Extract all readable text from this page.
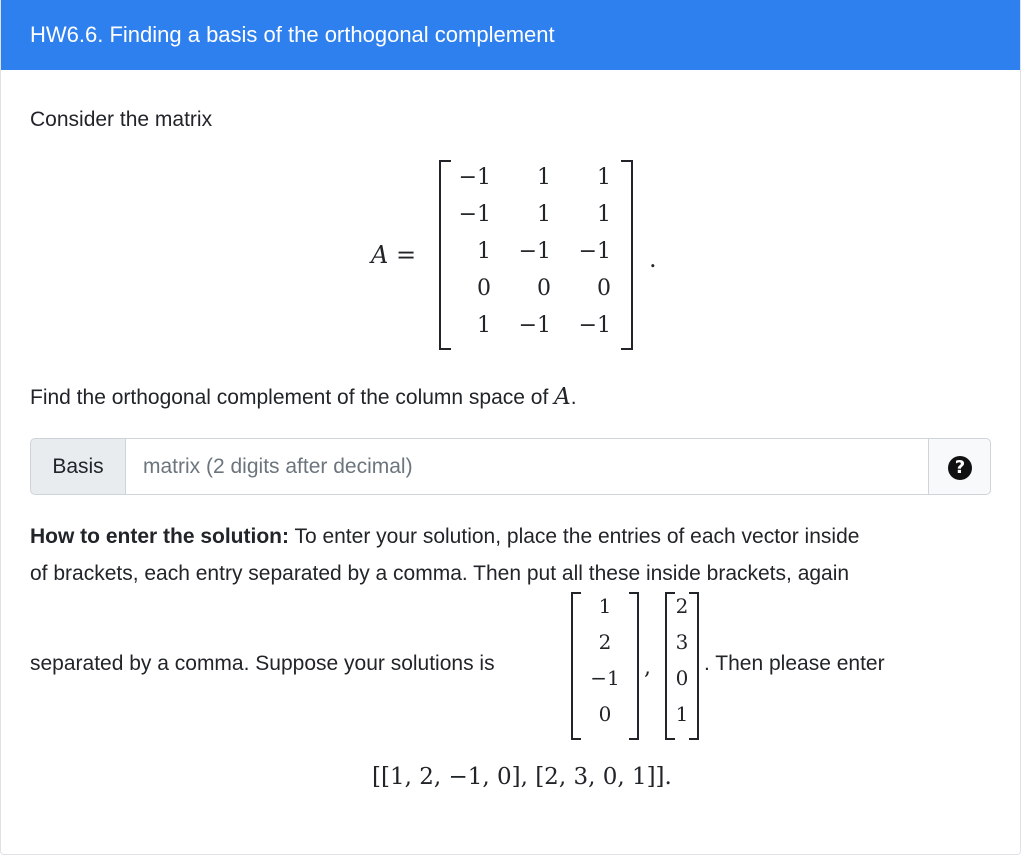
HW6.6. Finding a basis of the orthogonal complement
Consider the matrix
A =
−1	1	1
−1	1	1
1	−1	−1
0	0	0
1	−1	−1
.
Find the orthogonal complement of the column space of A.
Basis
matrix (2 digits after decimal)	?
How to enter the solution: To enter your solution, place the entries of each vector inside
of brackets, each entry separated by a comma. Then put all these inside brackets, again
separated by a comma. Suppose your solutions is
1
2
−1
0
,
2
3
0
1
. Then please enter
[[1, 2, −1, 0], [2, 3, 0, 1]].
